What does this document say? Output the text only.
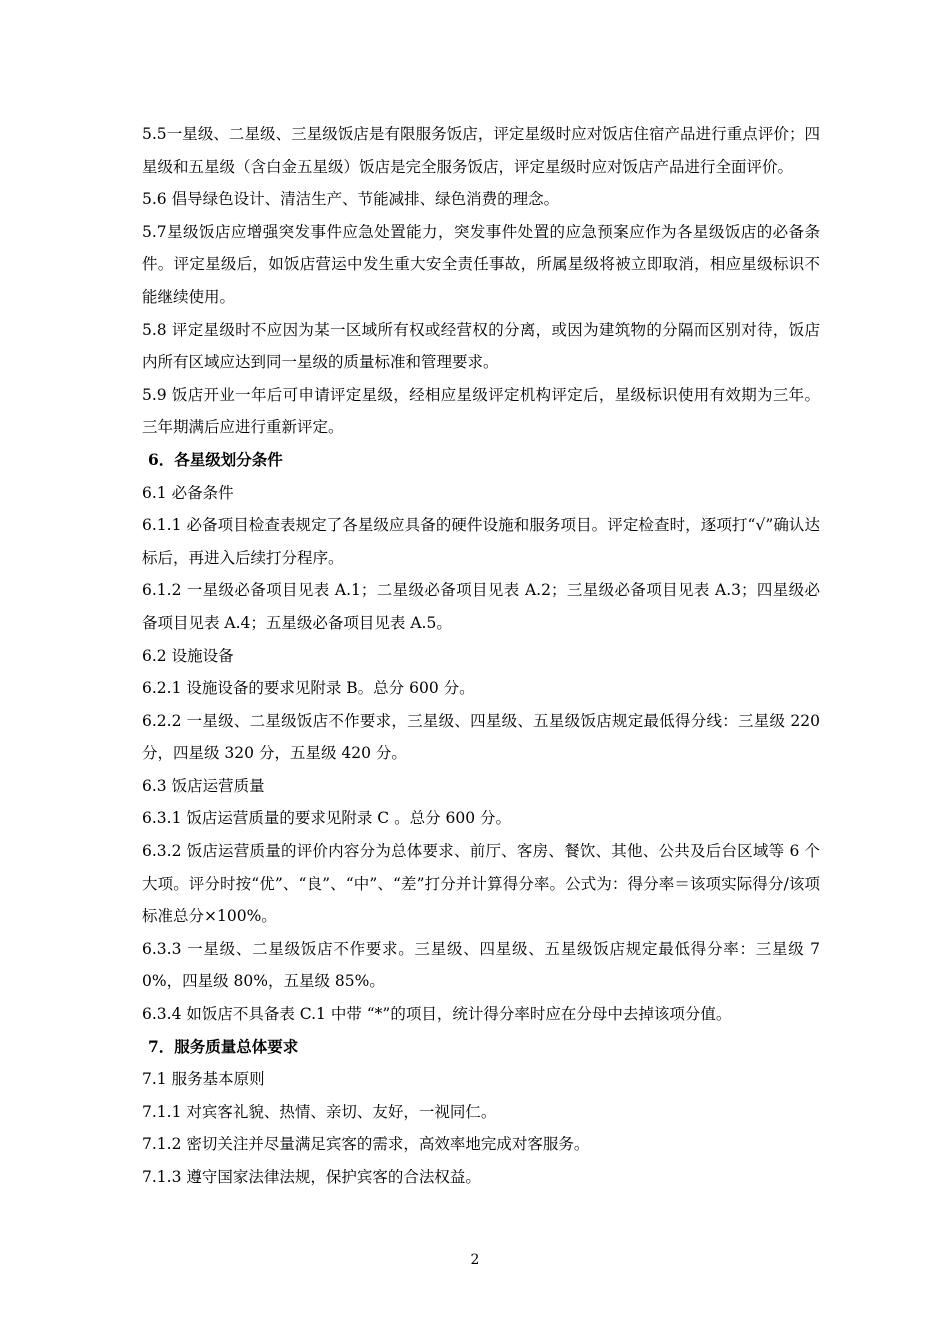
5.5一星级、二星级、三星级饭店是有限服务饭店，评定星级时应对饭店住宿产品进行重点评价；四星级和五星级（含白金五星级）饭店是完全服务饭店，评定星级时应对饭店产品进行全面评价。

5.6 倡导绿色设计、清洁生产、节能减排、绿色消费的理念。

5.7星级饭店应增强突发事件应急处置能力，突发事件处置的应急预案应作为各星级饭店的必备条件。评定星级后，如饭店营运中发生重大安全责任事故，所属星级将被立即取消，相应星级标识不能继续使用。

5.8 评定星级时不应因为某一区域所有权或经营权的分离，或因为建筑物的分隔而区别对待，饭店内所有区域应达到同一星级的质量标准和管理要求。

5.9 饭店开业一年后可申请评定星级，经相应星级评定机构评定后，星级标识使用有效期为三年。三年期满后应进行重新评定。

6．各星级划分条件

6.1 必备条件

6.1.1 必备项目检查表规定了各星级应具备的硬件设施和服务项目。评定检查时，逐项打“√”确认达标后，再进入后续打分程序。

6.1.2 一星级必备项目见表 A.1；二星级必备项目见表 A.2；三星级必备项目见表 A.3；四星级必备项目见表 A.4；五星级必备项目见表 A.5。

6.2 设施设备

6.2.1 设施设备的要求见附录 B。总分 600 分。

6.2.2 一星级、二星级饭店不作要求，三星级、四星级、五星级饭店规定最低得分线：三星级 220 分，四星级 320 分，五星级 420 分。

6.3 饭店运营质量

6.3.1 饭店运营质量的要求见附录 C 。总分 600 分。

6.3.2 饭店运营质量的评价内容分为总体要求、前厅、客房、餐饮、其他、公共及后台区域等 6 个大项。评分时按“优”、“良”、“中”、“差”打分并计算得分率。公式为：得分率＝该项实际得分/该项标准总分×100%。

6.3.3 一星级、二星级饭店不作要求。三星级、四星级、五星级饭店规定最低得分率：三星级 70%，四星级 80%，五星级 85%。

6.3.4 如饭店不具备表 C.1 中带 “*”的项目，统计得分率时应在分母中去掉该项分值。

7．服务质量总体要求

7.1 服务基本原则

7.1.1 对宾客礼貌、热情、亲切、友好，一视同仁。

7.1.2 密切关注并尽量满足宾客的需求，高效率地完成对客服务。

7.1.3 遵守国家法律法规，保护宾客的合法权益。

2
